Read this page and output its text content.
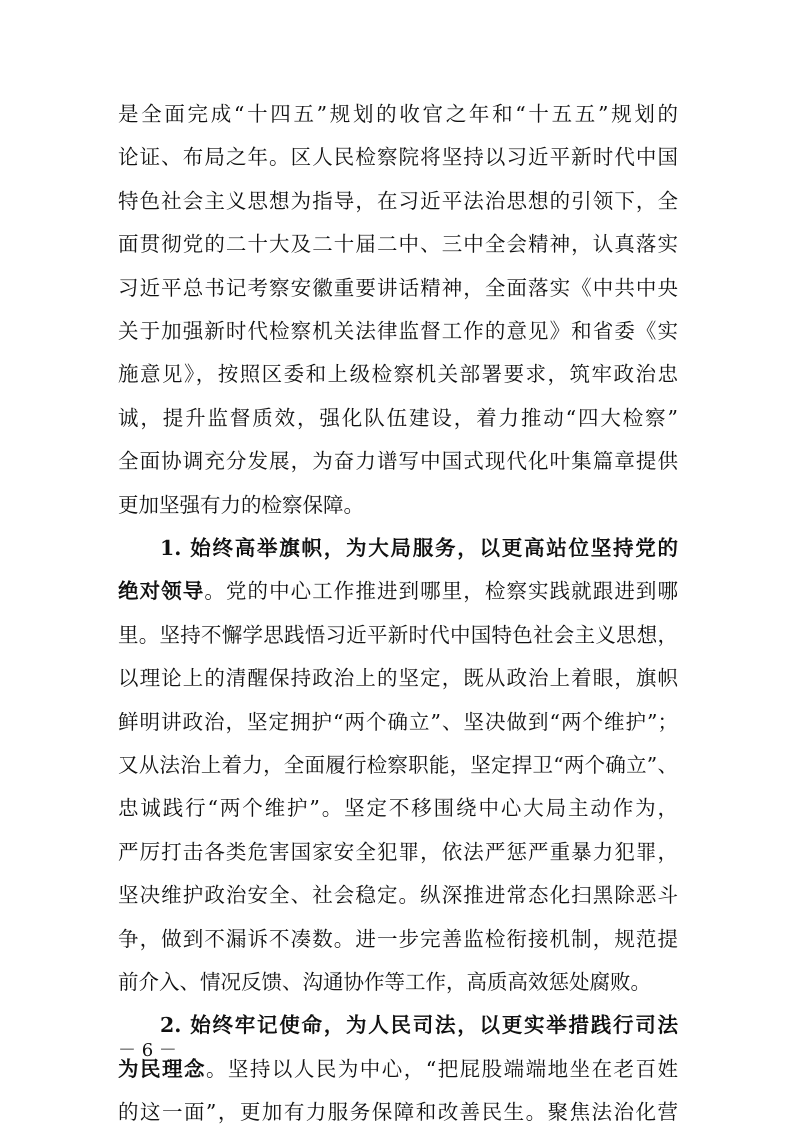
－ 6 －
是全面完成“十四五”规划的收官之年和“十五五”规划的
论证、布局之年。区人民检察院将坚持以习近平新时代中国
特色社会主义思想为指导，在习近平法治思想的引领下，全
面贯彻党的二十大及二十届二中、三中全会精神，认真落实
习近平总书记考察安徽重要讲话精神，全面落实《中共中央
关于加强新时代检察机关法律监督工作的意见》和省委《实
施意见》，按照区委和上级检察机关部署要求，筑牢政治忠
诚，提升监督质效，强化队伍建设，着力推动“四大检察”
全面协调充分发展，为奋力谱写中国式现代化叶集篇章提供
更加坚强有力的检察保障。
1. 始终高举旗帜，为大局服务，以更高站位坚持党的
绝对领导。党的中心工作推进到哪里，检察实践就跟进到哪
里。坚持不懈学思践悟习近平新时代中国特色社会主义思想，
以理论上的清醒保持政治上的坚定，既从政治上着眼，旗帜
鲜明讲政治，坚定拥护“两个确立”、坚决做到“两个维护”；
又从法治上着力，全面履行检察职能，坚定捍卫“两个确立”、
忠诚践行“两个维护”。坚定不移围绕中心大局主动作为，
严厉打击各类危害国家安全犯罪，依法严惩严重暴力犯罪，
坚决维护政治安全、社会稳定。纵深推进常态化扫黑除恶斗
争，做到不漏诉不凑数。进一步完善监检衔接机制，规范提
前介入、情况反馈、沟通协作等工作，高质高效惩处腐败。
2. 始终牢记使命，为人民司法，以更实举措践行司法
为民理念。坚持以人民为中心，“把屁股端端地坐在老百姓
的这一面”，更加有力服务保障和改善民生。聚焦法治化营
